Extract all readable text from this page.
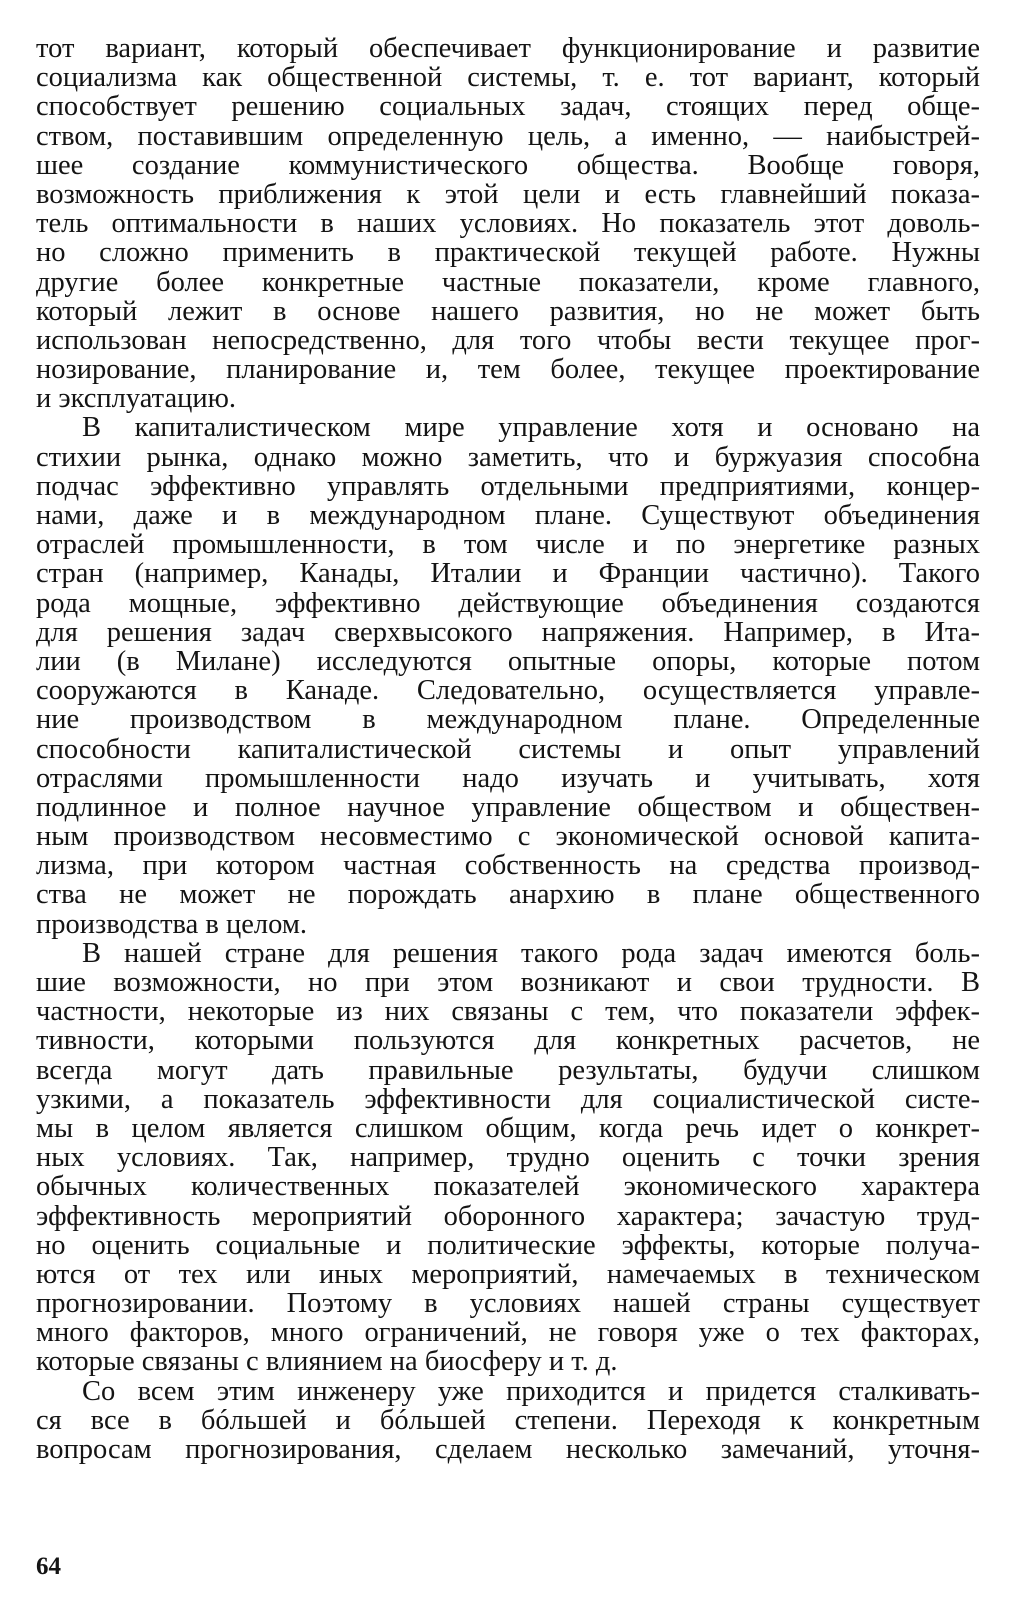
тот вариант, который обеспечивает функционирование и развитие
социализма как общественной системы, т. е. тот вариант, который
способствует решению социальных задач, стоящих перед обще-
ством, поставившим определенную цель, а именно, — наибыстрей-
шее создание коммунистического общества. Вообще говоря,
возможность приближения к этой цели и есть главнейший показа-
тель оптимальности в наших условиях. Но показатель этот доволь-
но сложно применить в практической текущей работе. Нужны
другие более конкретные частные показатели, кроме главного,
который лежит в основе нашего развития, но не может быть
использован непосредственно, для того чтобы вести текущее прог-
нозирование, планирование и, тем более, текущее проектирование
и эксплуатацию.
В капиталистическом мире управление хотя и основано на
стихии рынка, однако можно заметить, что и буржуазия способна
подчас эффективно управлять отдельными предприятиями, концер-
нами, даже и в международном плане. Существуют объединения
отраслей промышленности, в том числе и по энергетике разных
стран (например, Канады, Италии и Франции частично). Такого
рода мощные, эффективно действующие объединения создаются
для решения задач сверхвысокого напряжения. Например, в Ита-
лии (в Милане) исследуются опытные опоры, которые потом
сооружаются в Канаде. Следовательно, осуществляется управле-
ние производством в международном плане. Определенные
способности капиталистической системы и опыт управлений
отраслями промышленности надо изучать и учитывать, хотя
подлинное и полное научное управление обществом и обществен-
ным производством несовместимо с экономической основой капита-
лизма, при котором частная собственность на средства производ-
ства не может не порождать анархию в плане общественного
производства в целом.
В нашей стране для решения такого рода задач имеются боль-
шие возможности, но при этом возникают и свои трудности. В
частности, некоторые из них связаны с тем, что показатели эффек-
тивности, которыми пользуются для конкретных расчетов, не
всегда могут дать правильные результаты, будучи слишком
узкими, а показатель эффективности для социалистической систе-
мы в целом является слишком общим, когда речь идет о конкрет-
ных условиях. Так, например, трудно оценить с точки зрения
обычных количественных показателей экономического характера
эффективность мероприятий оборонного характера; зачастую труд-
но оценить социальные и политические эффекты, которые получа-
ются от тех или иных мероприятий, намечаемых в техническом
прогнозировании. Поэтому в условиях нашей страны существует
много факторов, много ограничений, не говоря уже о тех факторах,
которые связаны с влиянием на биосферу и т. д.
Со всем этим инженеру уже приходится и придется сталкивать-
ся все в бóльшей и бóльшей степени. Переходя к конкретным
вопросам прогнозирования, сделаем несколько замечаний, уточня-
64
